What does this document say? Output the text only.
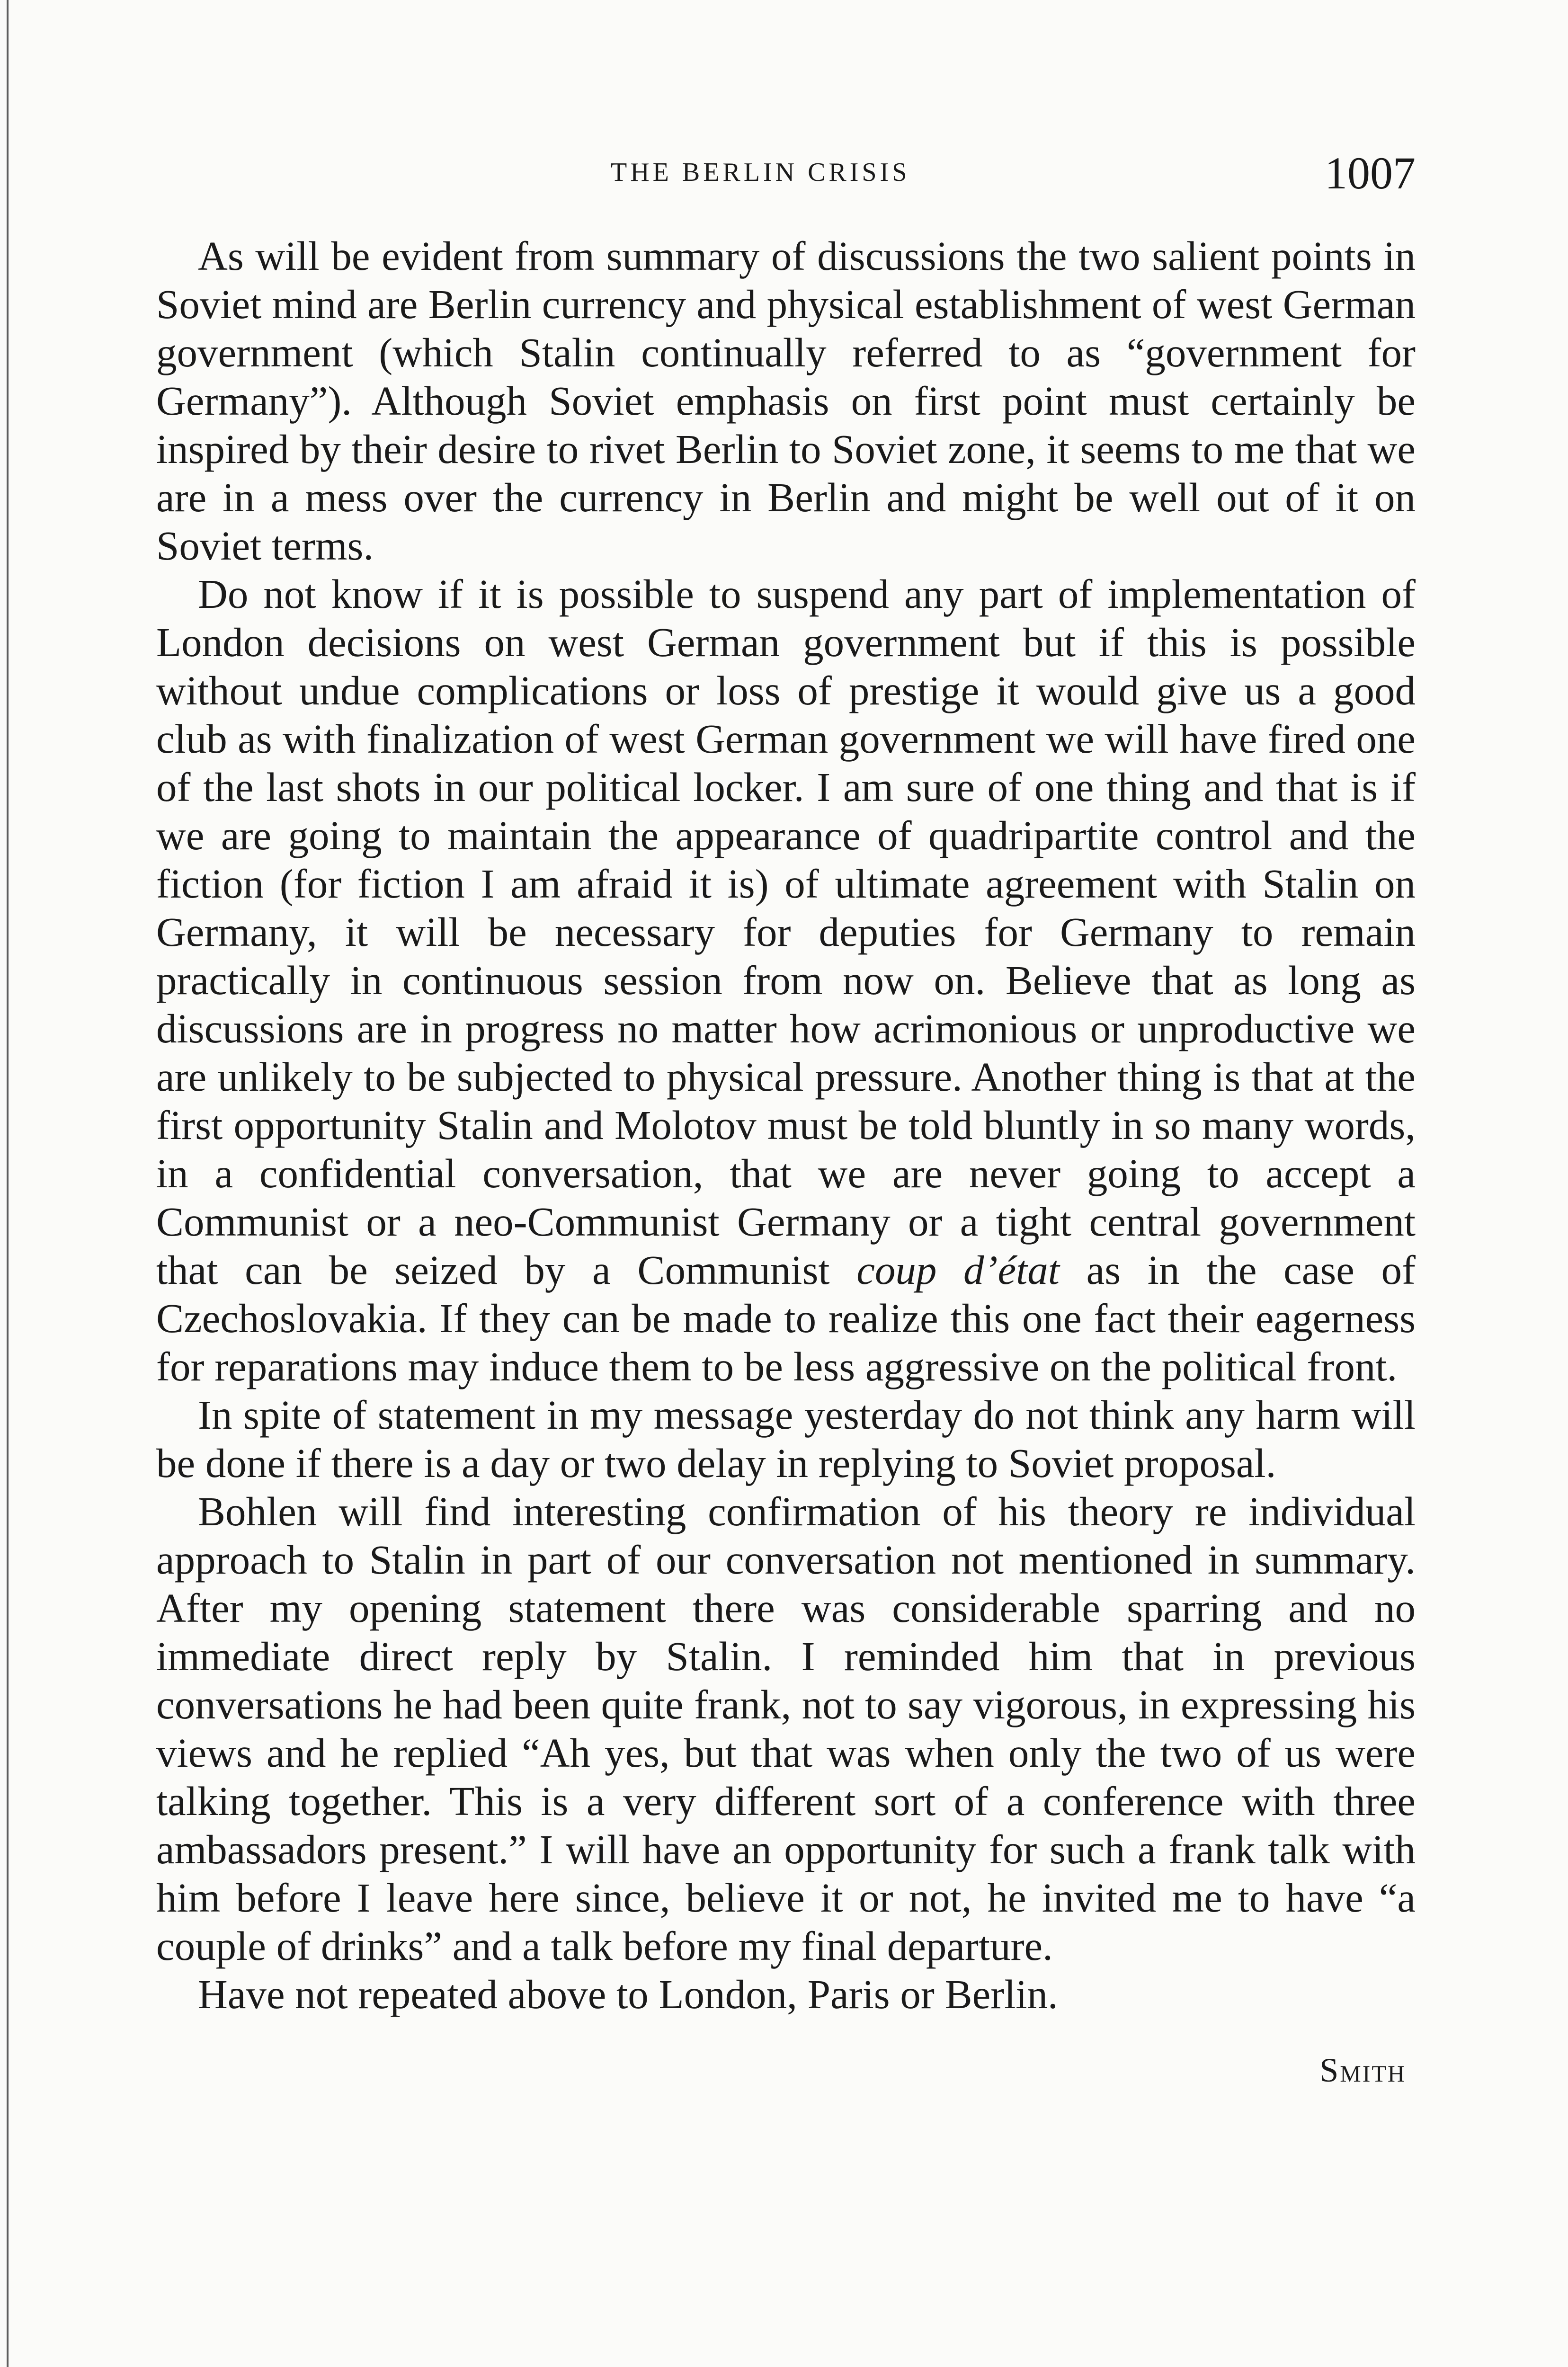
THE BERLIN CRISIS	1007

As will be evident from summary of discussions the two salient points in Soviet mind are Berlin currency and physical establishment of west German government (which Stalin continually referred to as “government for Germany”). Although Soviet emphasis on first point must certainly be inspired by their desire to rivet Berlin to Soviet zone, it seems to me that we are in a mess over the currency in Berlin and might be well out of it on Soviet terms.

Do not know if it is possible to suspend any part of implementation of London decisions on west German government but if this is possible without undue complications or loss of prestige it would give us a good club as with finalization of west German government we will have fired one of the last shots in our political locker. I am sure of one thing and that is if we are going to maintain the appearance of quadripartite control and the fiction (for fiction I am afraid it is) of ultimate agreement with Stalin on Germany, it will be necessary for deputies for Germany to remain practically in continuous session from now on. Believe that as long as discussions are in progress no matter how acrimonious or unproductive we are unlikely to be subjected to physical pressure. Another thing is that at the first opportunity Stalin and Molotov must be told bluntly in so many words, in a confidential conversation, that we are never going to accept a Communist or a neo-Communist Germany or a tight central government that can be seized by a Communist coup d’état as in the case of Czechoslovakia. If they can be made to realize this one fact their eagerness for reparations may induce them to be less aggressive on the political front.

In spite of statement in my message yesterday do not think any harm will be done if there is a day or two delay in replying to Soviet proposal.

Bohlen will find interesting confirmation of his theory re individual approach to Stalin in part of our conversation not mentioned in summary. After my opening statement there was considerable sparring and no immediate direct reply by Stalin. I reminded him that in previous conversations he had been quite frank, not to say vigorous, in expressing his views and he replied “Ah yes, but that was when only the two of us were talking together. This is a very different sort of a conference with three ambassadors present.” I will have an opportunity for such a frank talk with him before I leave here since, believe it or not, he invited me to have “a couple of drinks” and a talk before my final departure.

Have not repeated above to London, Paris or Berlin.

Smith
